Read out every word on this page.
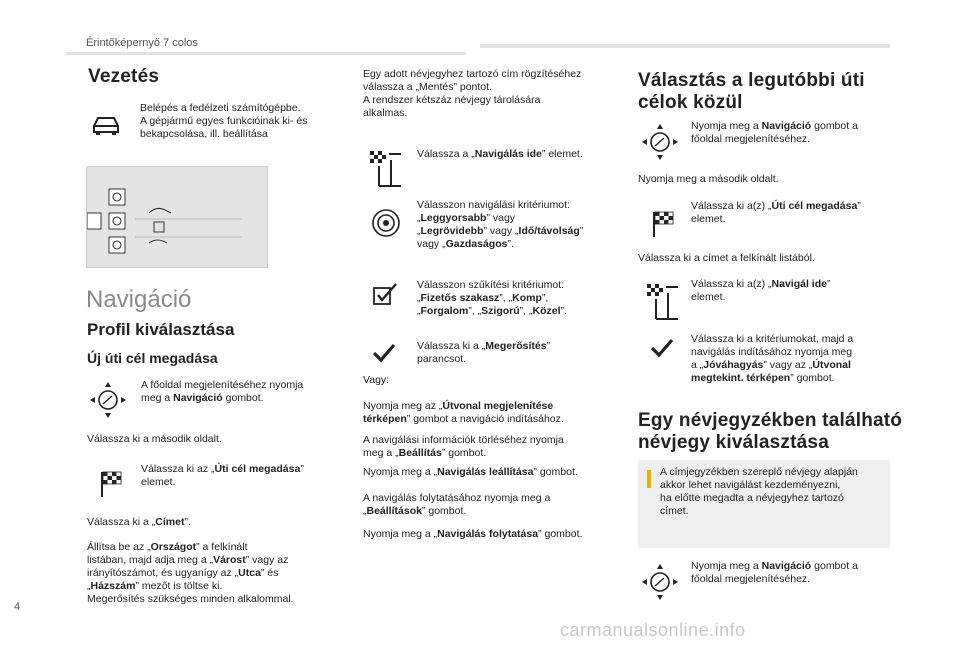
Érintőképernyő 7 colos
Vezetés
Belépés a fedélzeti számítógépbe.
A gépjármű egyes funkcióinak ki- és
bekapcsolása, ill. beállítása
Navigáció
Profil kiválasztása
Új úti cél megadása
A főoldal megjelenítéséhez nyomja
meg a Navigáció gombot.
Válassza ki a második oldalt.
Válassza ki az „Úti cél megadása”
elemet.
Válassza ki a „Címet”.
Állítsa be az „Országot” a felkínált
listában, majd adja meg a „Várost” vagy az
irányítószámot, és ugyanígy az „Utca” és
„Házszám” mezőt is töltse ki.
Megerősítés szükséges minden alkalommal.
Egy adott névjegyhez tartozó cím rögzítéséhez
válassza a „Mentés” pontot.
A rendszer kétszáz névjegy tárolására
alkalmas.
Válassza a „Navigálás ide” elemet.
Válasszon navigálási kritériumot:
„Leggyorsabb” vagy
„Legrövidebb” vagy „Idő/távolság”
vagy „Gazdaságos”.
Válasszon szűkítési kritériumot:
„Fizetős szakasz”, „Komp”,
„Forgalom”, „Szigorú”, „Közel”.
Válassza ki a „Megerősítés”
parancsot.
Vagy:
Nyomja meg az „Útvonal megjelenítése
térképen” gombot a navigáció indításához.
A navigálási információk törléséhez nyomja
meg a „Beállítás” gombot.
Nyomja meg a „Navigálás leállítása” gombot.
A navigálás folytatásához nyomja meg a
„Beállítások” gombot.
Nyomja meg a „Navigálás folytatása” gombot.
Választás a legutóbbi úti
célok közül
Nyomja meg a Navigáció gombot a
főoldal megjelenítéséhez.
Nyomja meg a második oldalt.
Válassza ki a(z) „Úti cél megadása”
elemet.
Válassza ki a címet a felkínált listából.
Válassza ki a(z) „Navigál ide”
elemet.
Válassza ki a kritériumokat, majd a
navigálás indításához nyomja meg
a „Jóváhagyás” vagy az „Útvonal
megtekint. térképen” gombot.
Egy névjegyzékben található
névjegy kiválasztása
A címjegyzékben szereplő névjegy alapján
akkor lehet navigálást kezdeményezni,
ha előtte megadta a névjegyhez tartozó
címet.
Nyomja meg a Navigáció gombot a
főoldal megjelenítéséhez.
4
carmanualsonline.info
